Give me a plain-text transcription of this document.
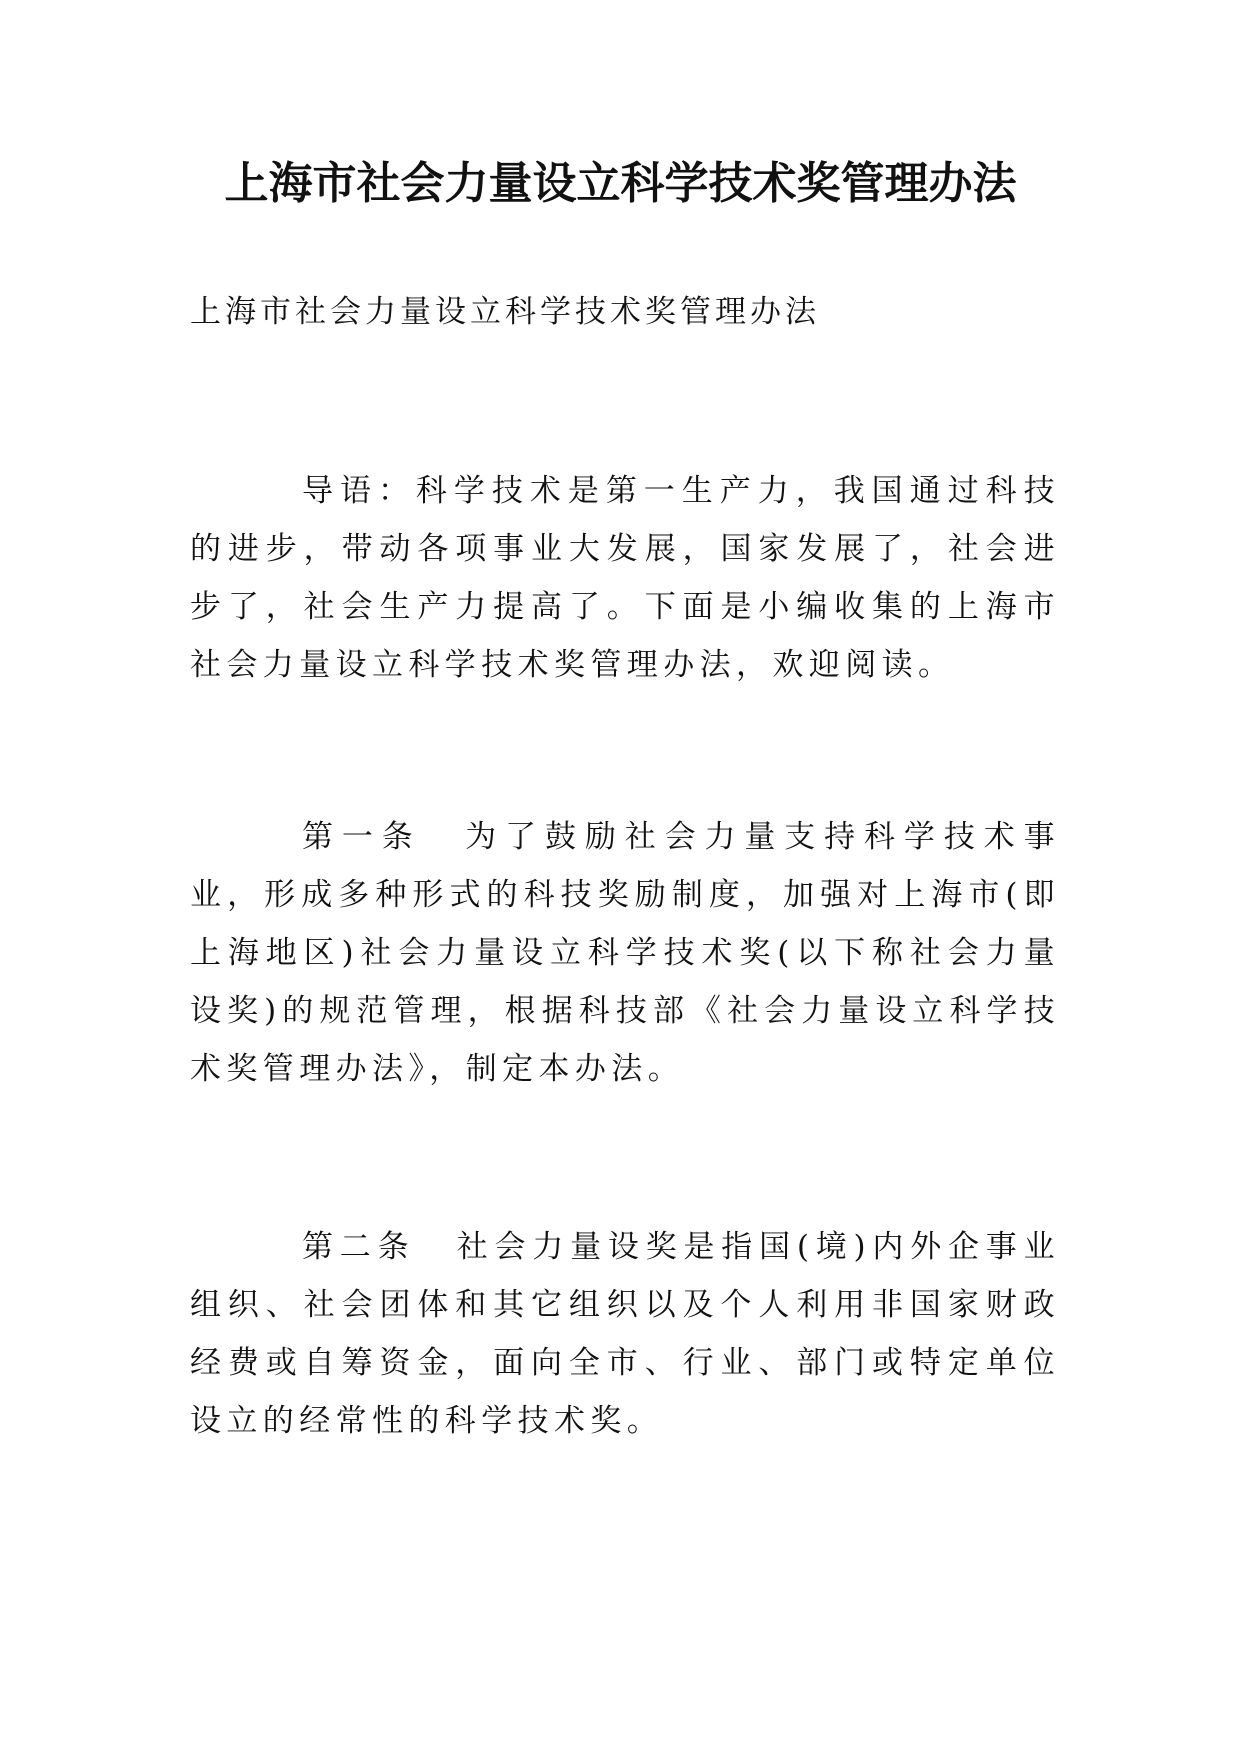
上海市社会力量设立科学技术奖管理办法

上海市社会力量设立科学技术奖管理办法

导语：科学技术是第一生产力，我国通过科技的进步，带动各项事业大发展，国家发展了，社会进步了，社会生产力提高了。下面是小编收集的上海市社会力量设立科学技术奖管理办法，欢迎阅读。

第一条 为了鼓励社会力量支持科学技术事业，形成多种形式的科技奖励制度，加强对上海市(即上海地区)社会力量设立科学技术奖(以下称社会力量设奖)的规范管理，根据科技部《社会力量设立科学技术奖管理办法》，制定本办法。

第二条 社会力量设奖是指国(境)内外企事业组织、社会团体和其它组织以及个人利用非国家财政经费或自筹资金，面向全市、行业、部门或特定单位设立的经常性的科学技术奖。
